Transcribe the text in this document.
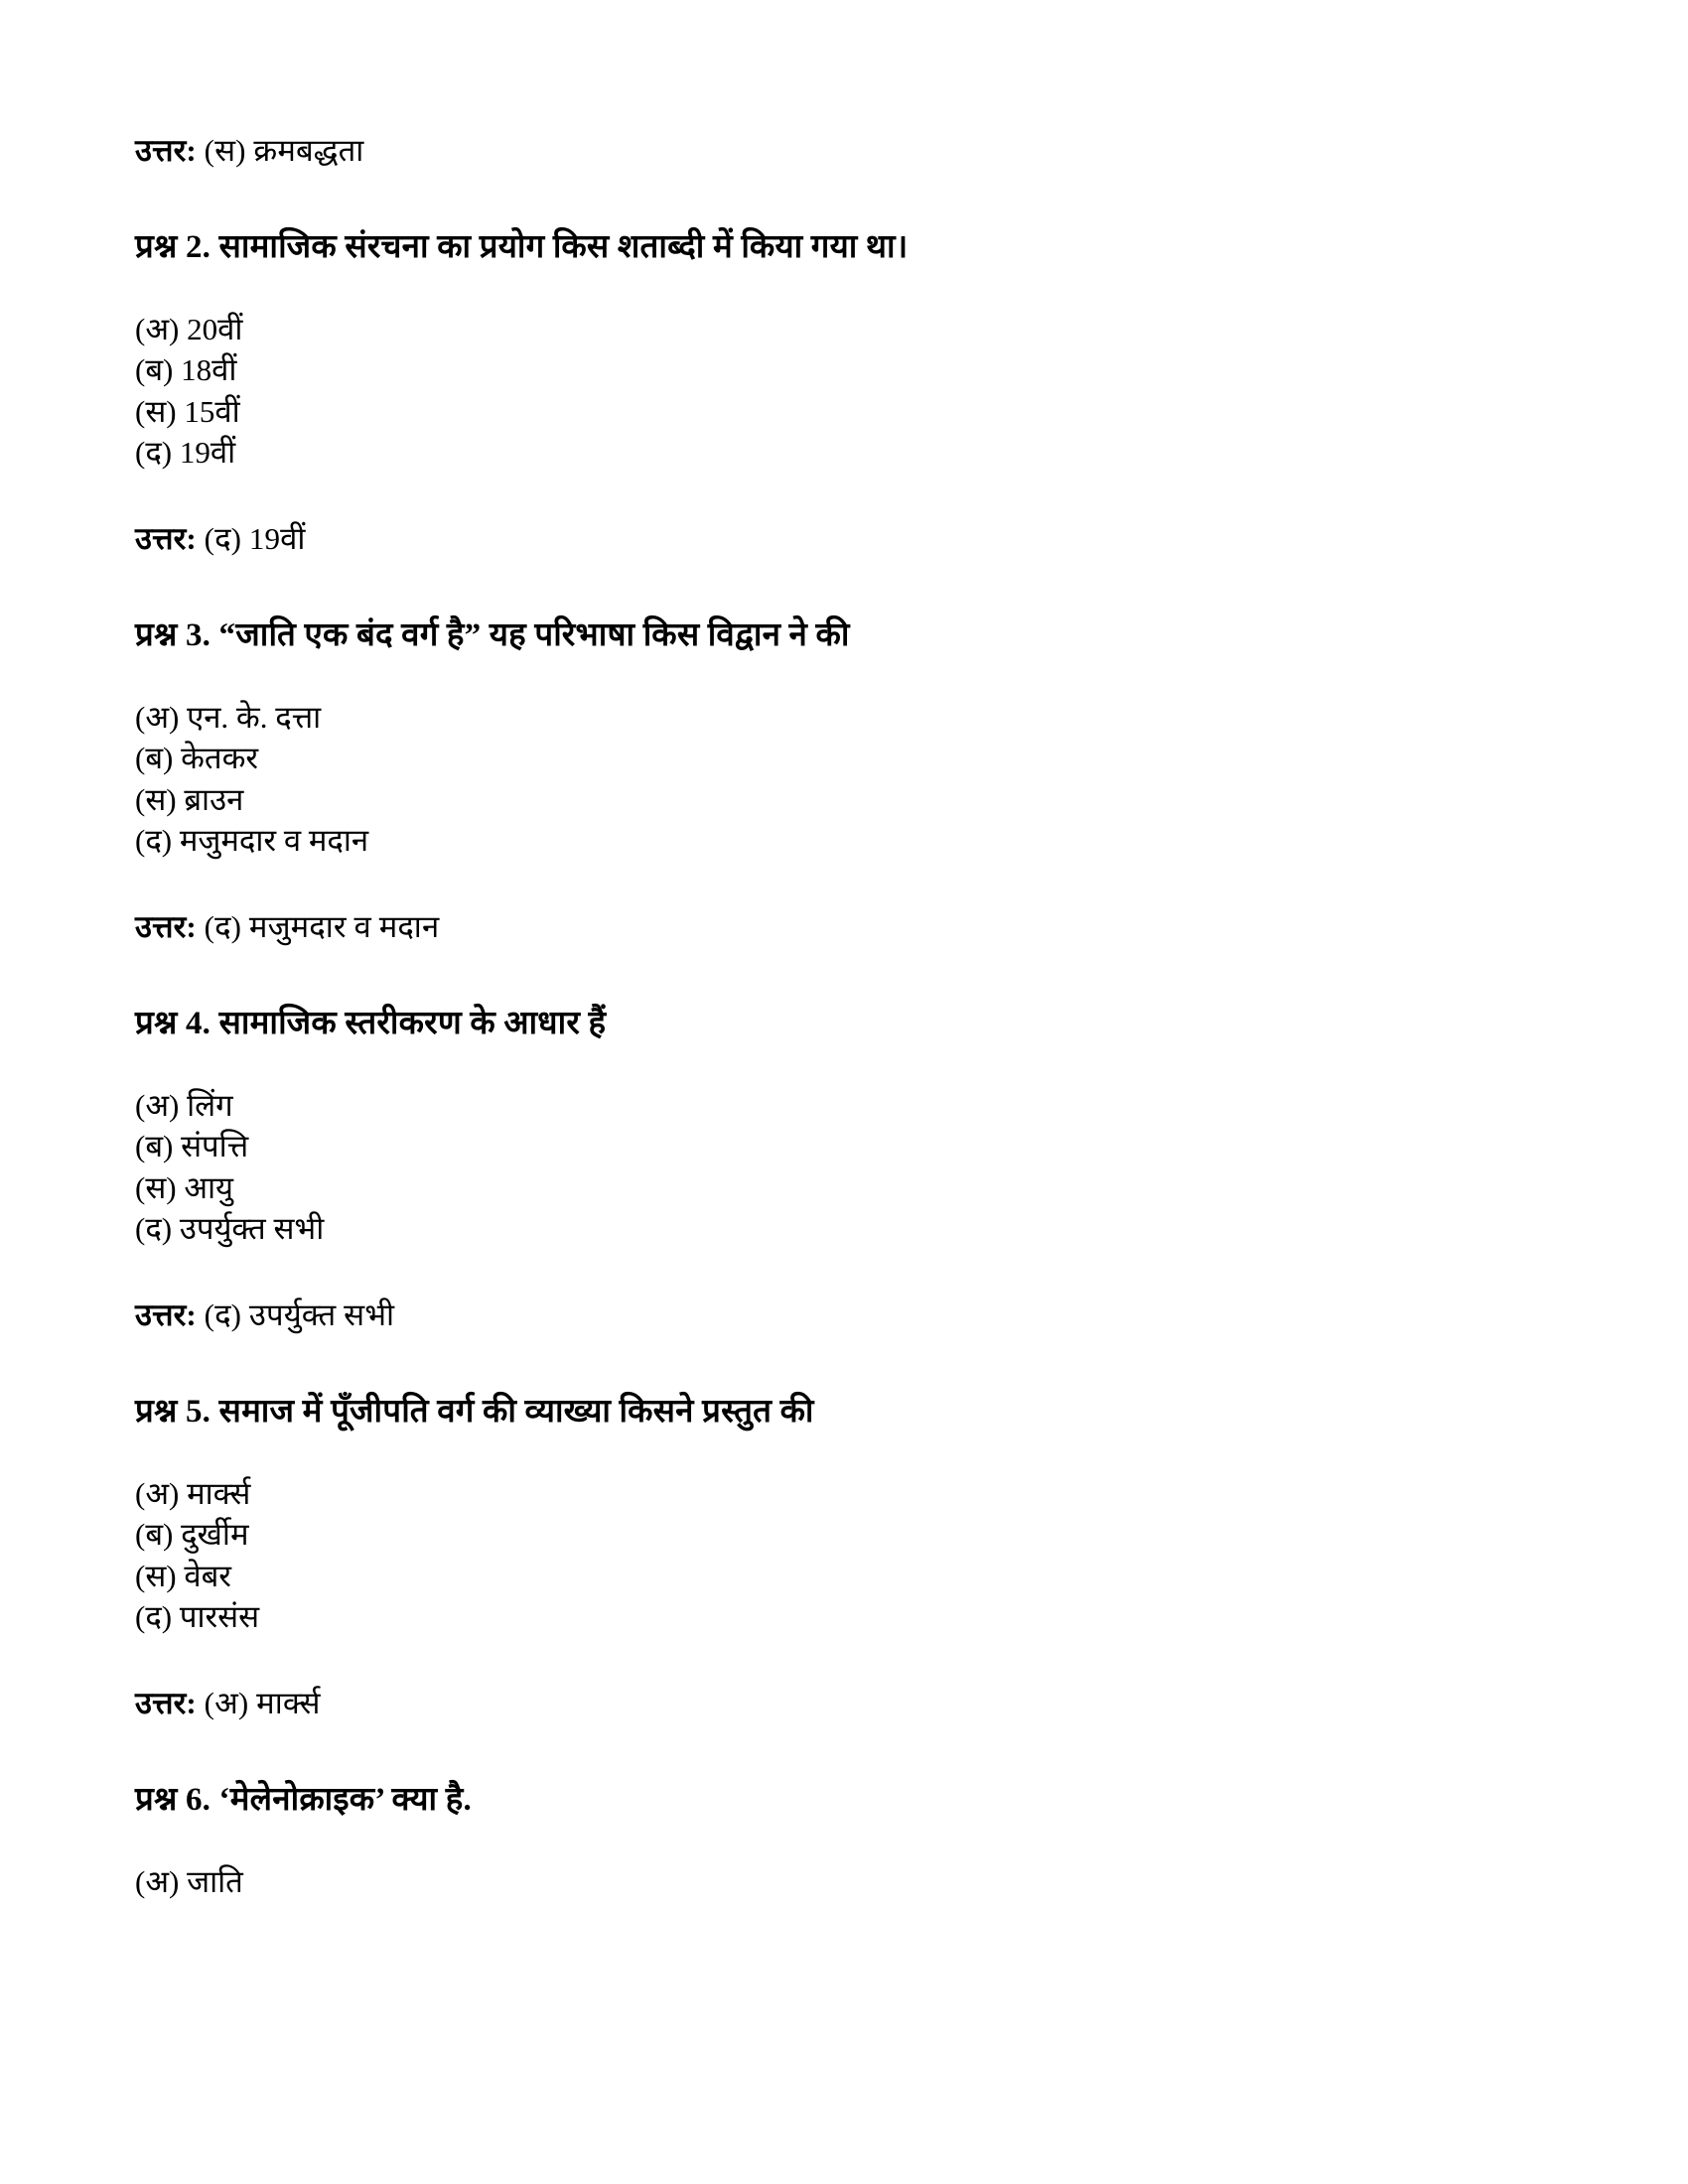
उत्तर: (स) क्रमबद्धता

प्रश्न 2. सामाजिक संरचना का प्रयोग किस शताब्दी में किया गया था।

(अ) 20वीं
(ब) 18वीं
(स) 15वीं
(द) 19वीं

उत्तर: (द) 19वीं

प्रश्न 3. “जाति एक बंद वर्ग है” यह परिभाषा किस विद्वान ने की

(अ) एन. के. दत्ता
(ब) केतकर
(स) ब्राउन
(द) मजुमदार व मदान

उत्तर: (द) मजुमदार व मदान

प्रश्न 4. सामाजिक स्तरीकरण के आधार हैं

(अ) लिंग
(ब) संपत्ति
(स) आयु
(द) उपर्युक्त सभी

उत्तर: (द) उपर्युक्त सभी

प्रश्न 5. समाज में पूँजीपति वर्ग की व्याख्या किसने प्रस्तुत की

(अ) मार्क्स
(ब) दुर्खीम
(स) वेबर
(द) पारसंस

उत्तर: (अ) मार्क्स

प्रश्न 6. ‘मेलेनोक्राइक’ क्या है.

(अ) जाति
